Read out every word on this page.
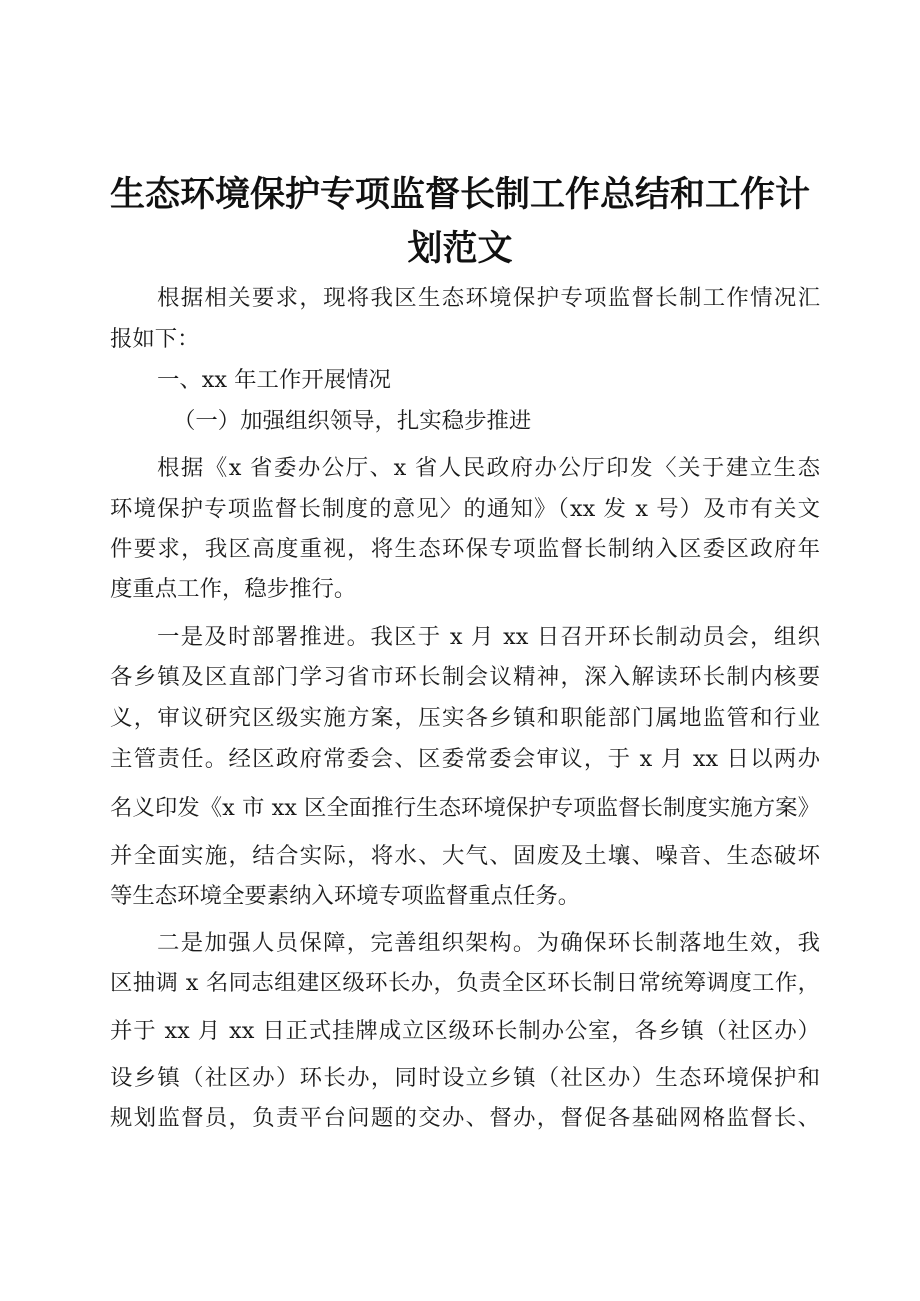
生态环境保护专项监督长制工作总结和工作计
划范文
根据相关要求，现将我区生态环境保护专项监督长制工作情况汇
报如下：
一、xx 年工作开展情况
（一）加强组织领导，扎实稳步推进
根据《x 省委办公厅、x 省人民政府办公厅印发〈关于建立生态
环境保护专项监督长制度的意见〉的通知》（xx 发 x 号）及市有关文
件要求，我区高度重视，将生态环保专项监督长制纳入区委区政府年
度重点工作，稳步推行。
一是及时部署推进。我区于 x 月 xx 日召开环长制动员会，组织
各乡镇及区直部门学习省市环长制会议精神，深入解读环长制内核要
义，审议研究区级实施方案，压实各乡镇和职能部门属地监管和行业
主管责任。经区政府常委会、区委常委会审议，于 x 月 xx 日以两办
名义印发《x 市 xx 区全面推行生态环境保护专项监督长制度实施方案》
并全面实施，结合实际，将水、大气、固废及土壤、噪音、生态破坏
等生态环境全要素纳入环境专项监督重点任务。
二是加强人员保障，完善组织架构。为确保环长制落地生效，我
区抽调 x 名同志组建区级环长办，负责全区环长制日常统筹调度工作，
并于 xx 月 xx 日正式挂牌成立区级环长制办公室，各乡镇（社区办）
设乡镇（社区办）环长办，同时设立乡镇（社区办）生态环境保护和
规划监督员，负责平台问题的交办、督办，督促各基础网格监督长、
